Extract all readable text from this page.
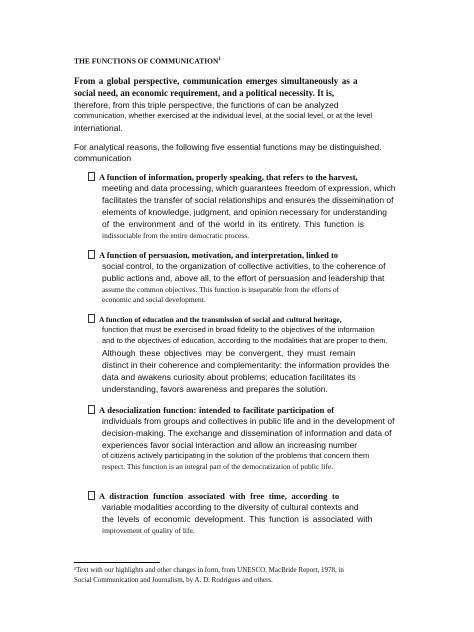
THE FUNCTIONS OF COMMUNICATION$^1$
From a global perspective, communication emerges simultaneously as a
social need, an economic requirement, and a political necessity. It is,
therefore, from this triple perspective, the functions of can be analyzed
communication, whether exercised at the individual level, at the social level, or at the level
international.
For analytical reasons, the following five essential functions may be distinguished.
communication
A function of information, properly speaking, that refers to the harvest,
meeting and data processing, which guarantees freedom of expression, which
facilitates the transfer of social relationships and ensures the dissemination of
elements of knowledge, judgment, and opinion necessary for understanding
of the environment and of the world in its entirety. This function is
indissociable from the entire democratic process.
A function of persuasion, motivation, and interpretation, linked to
social control, to the organization of collective activities, to the coherence of
public actions and, above all, to the effort of persuasion and leadership that
assume the common objectives. This function is inseparable from the efforts of
economic and social development.
A function of education and the transmission of social and cultural heritage,
function that must be exercised in broad fidelity to the objectives of the information
and to the objectives of education, according to the modalities that are proper to them.
Although these objectives may be convergent, they must remain
distinct in their coherence and complementarity: the information provides the
data and awakens curiosity about problems; education facilitates its
understanding, favors awareness and prepares the solution.
A desocialization function: intended to facilitate participation of
individuals from groups and collectives in public life and in the development of
decision-making. The exchange and dissemination of information and data of
experiences favor social interaction and allow an increasing number
of citizens actively participating in the solution of the problems that concern them
respect. This function is an integral part of the democratization of public life.
A distraction function associated with free time, according to
variable modalities according to the diversity of cultural contexts and
the levels of economic development. This function is associated with
improvement of quality of life.
¹Text with our highlights and other changes in form, from UNESCO, MacBride Report, 1978, in
Social Communication and Journalism, by A. D. Rodrigues and others.
